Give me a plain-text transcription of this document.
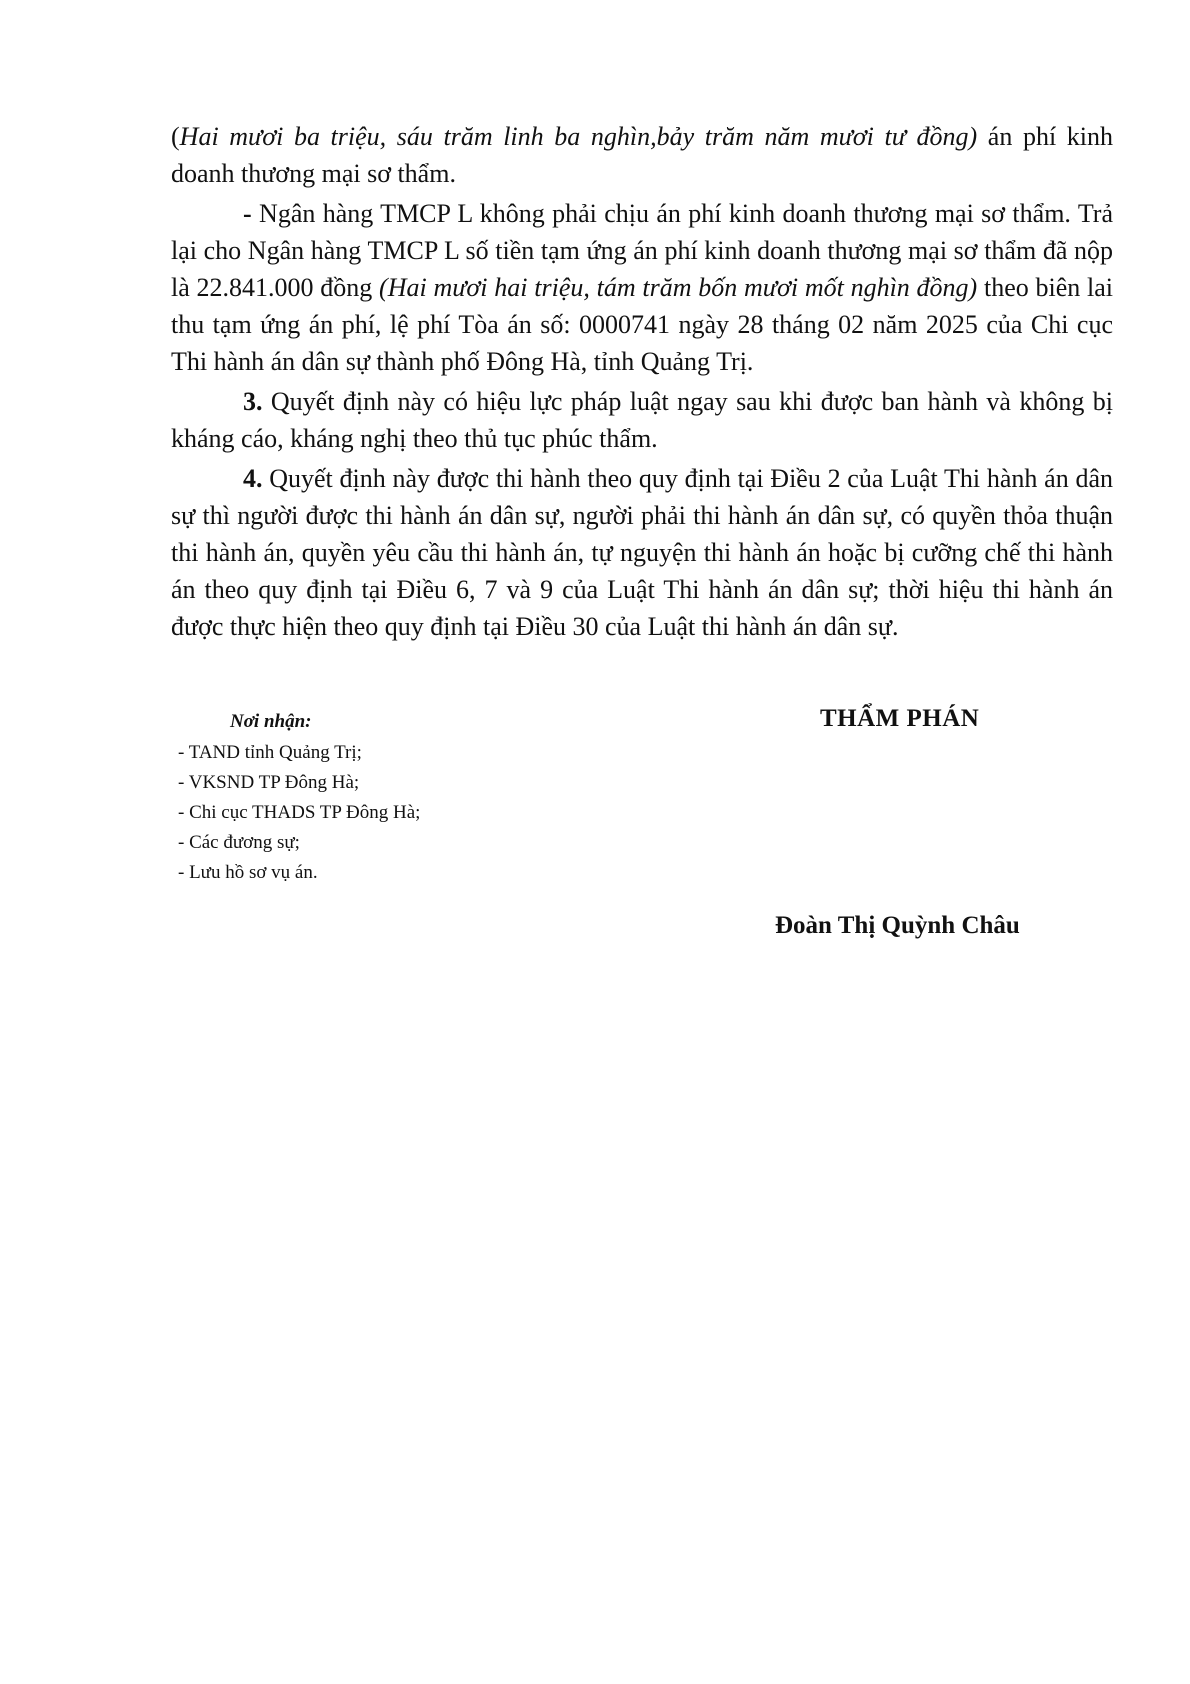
(Hai mươi ba triệu, sáu trăm linh ba nghìn,bảy trăm năm mươi tư đồng) án phí kinh doanh thương mại sơ thẩm.

- Ngân hàng TMCP L không phải chịu án phí kinh doanh thương mại sơ thẩm. Trả lại cho Ngân hàng TMCP L số tiền tạm ứng án phí kinh doanh thương mại sơ thẩm đã nộp là 22.841.000 đồng (Hai mươi hai triệu, tám trăm bốn mươi mốt nghìn đồng) theo biên lai thu tạm ứng án phí, lệ phí Tòa án số: 0000741 ngày 28 tháng 02 năm 2025 của Chi cục Thi hành án dân sự thành phố Đông Hà, tỉnh Quảng Trị.

3. Quyết định này có hiệu lực pháp luật ngay sau khi được ban hành và không bị kháng cáo, kháng nghị theo thủ tục phúc thẩm.

4. Quyết định này được thi hành theo quy định tại Điều 2 của Luật Thi hành án dân sự thì người được thi hành án dân sự, người phải thi hành án dân sự, có quyền thỏa thuận thi hành án, quyền yêu cầu thi hành án, tự nguyện thi hành án hoặc bị cưỡng chế thi hành án theo quy định tại Điều 6, 7 và 9 của Luật Thi hành án dân sự; thời hiệu thi hành án được thực hiện theo quy định tại Điều 30 của Luật thi hành án dân sự.

Nơi nhận:
- TAND tỉnh Quảng Trị;
- VKSND TP Đông Hà;
- Chi cục THADS TP Đông Hà;
- Các đương sự;
- Lưu hồ sơ vụ án.
THẨM PHÁN
Đoàn Thị Quỳnh Châu
